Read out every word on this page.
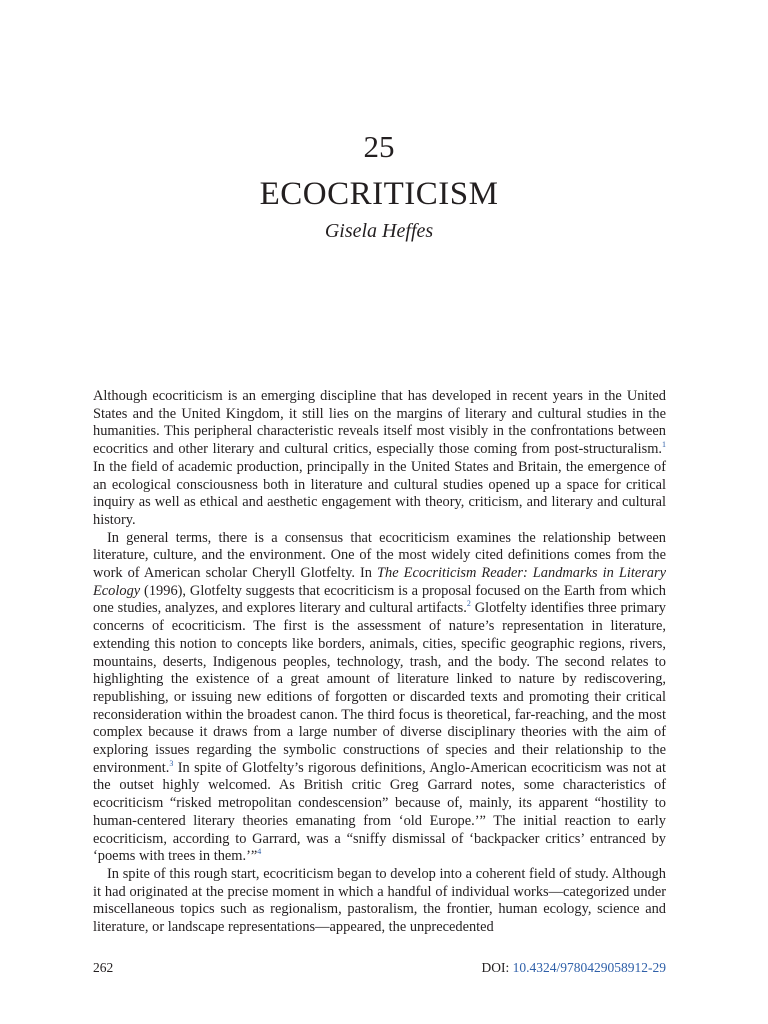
25
ECOCRITICISM
Gisela Heffes

Although ecocriticism is an emerging discipline that has developed in recent years in the United States and the United Kingdom, it still lies on the margins of literary and cultural studies in the humanities. This peripheral characteristic reveals itself most visibly in the confrontations between ecocritics and other literary and cultural critics, especially those coming from post-structuralism.$^1$ In the field of academic production, principally in the United States and Britain, the emergence of an ecological consciousness both in literature and cultural studies opened up a space for critical inquiry as well as ethical and aesthetic engagement with theory, criticism, and literary and cultural history.

In general terms, there is a consensus that ecocriticism examines the relationship between literature, culture, and the environment. One of the most widely cited definitions comes from the work of American scholar Cheryll Glotfelty. In The Ecocriticism Reader: Landmarks in Literary Ecology (1996), Glotfelty suggests that ecocriticism is a proposal focused on the Earth from which one studies, analyzes, and explores literary and cultural artifacts.$^2$ Glotfelty identifies three primary concerns of ecocriticism. The first is the assessment of nature’s representation in literature, extending this notion to concepts like borders, animals, cities, specific geographic regions, rivers, mountains, deserts, Indigenous peoples, technology, trash, and the body. The second relates to highlighting the existence of a great amount of literature linked to nature by rediscovering, republishing, or issuing new editions of forgotten or discarded texts and promoting their critical reconsideration within the broadest canon. The third focus is theoretical, far-reaching, and the most complex because it draws from a large number of diverse disciplinary theories with the aim of exploring issues regarding the symbolic constructions of species and their relationship to the environment.$^3$ In spite of Glotfelty’s rigorous definitions, Anglo-American ecocriticism was not at the outset highly welcomed. As British critic Greg Garrard notes, some characteristics of ecocriticism “risked metropolitan condescension” because of, mainly, its apparent “hostility to human-centered literary theories emanating from ‘old Europe.’” The initial reaction to early ecocriticism, according to Garrard, was a “sniffy dismissal of ‘backpacker critics’ entranced by ‘poems with trees in them.’”$^4$

In spite of this rough start, ecocriticism began to develop into a coherent field of study. Although it had originated at the precise moment in which a handful of individual works—categorized under miscellaneous topics such as regionalism, pastoralism, the frontier, human ecology, science and literature, or landscape representations—appeared, the unprecedented

262	DOI: 10.4324/9780429058912-29
